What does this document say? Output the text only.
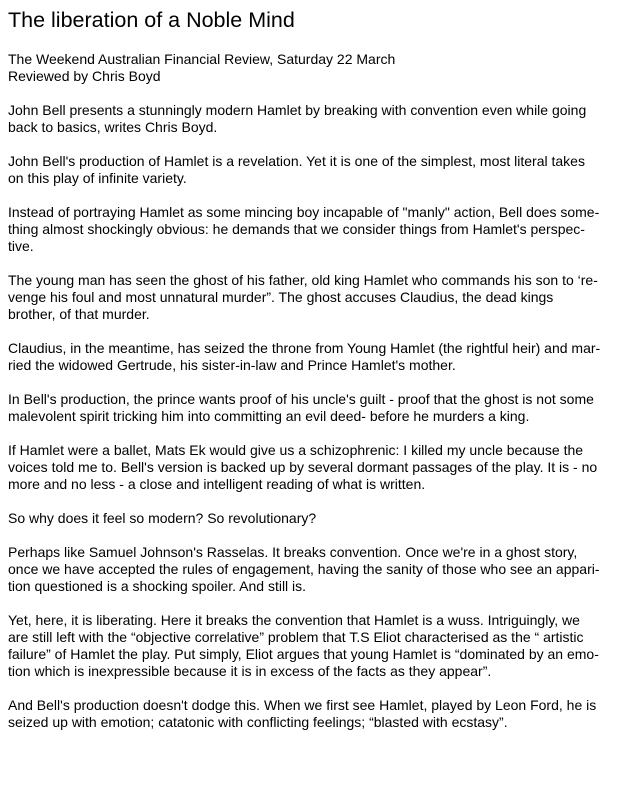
The liberation of a Noble Mind
The Weekend Australian Financial Review, Saturday 22 March
Reviewed by Chris Boyd

John Bell presents a stunningly modern Hamlet by breaking with convention even while going
back to basics, writes Chris Boyd.

John Bell's production of Hamlet is a revelation. Yet it is one of the simplest, most literal takes
on this play of infinite variety.

Instead of portraying Hamlet as some mincing boy incapable of "manly" action, Bell does some-
thing almost shockingly obvious: he demands that we consider things from Hamlet's perspec-
tive.

The young man has seen the ghost of his father, old king Hamlet who commands his son to ‘re-
venge his foul and most unnatural murder”. The ghost accuses Claudius, the dead kings
brother, of that murder.

Claudius, in the meantime, has seized the throne from Young Hamlet (the rightful heir) and mar-
ried the widowed Gertrude, his sister-in-law and Prince Hamlet's mother.

In Bell's production, the prince wants proof of his uncle's guilt - proof that the ghost is not some
malevolent spirit tricking him into committing an evil deed- before he murders a king.

If Hamlet were a ballet, Mats Ek would give us a schizophrenic: I killed my uncle because the
voices told me to. Bell's version is backed up by several dormant passages of the play. It is - no
more and no less - a close and intelligent reading of what is written.

So why does it feel so modern? So revolutionary?

Perhaps like Samuel Johnson's Rasselas. It breaks convention. Once we're in a ghost story,
once we have accepted the rules of engagement, having the sanity of those who see an appari-
tion questioned is a shocking spoiler. And still is.

Yet, here, it is liberating. Here it breaks the convention that Hamlet is a wuss. Intriguingly, we
are still left with the “objective correlative” problem that T.S Eliot characterised as the “ artistic
failure” of Hamlet the play. Put simply, Eliot argues that young Hamlet is “dominated by an emo-
tion which is inexpressible because it is in excess of the facts as they appear”.

And Bell's production doesn't dodge this. When we first see Hamlet, played by Leon Ford, he is
seized up with emotion; catatonic with conflicting feelings; “blasted with ecstasy”.
